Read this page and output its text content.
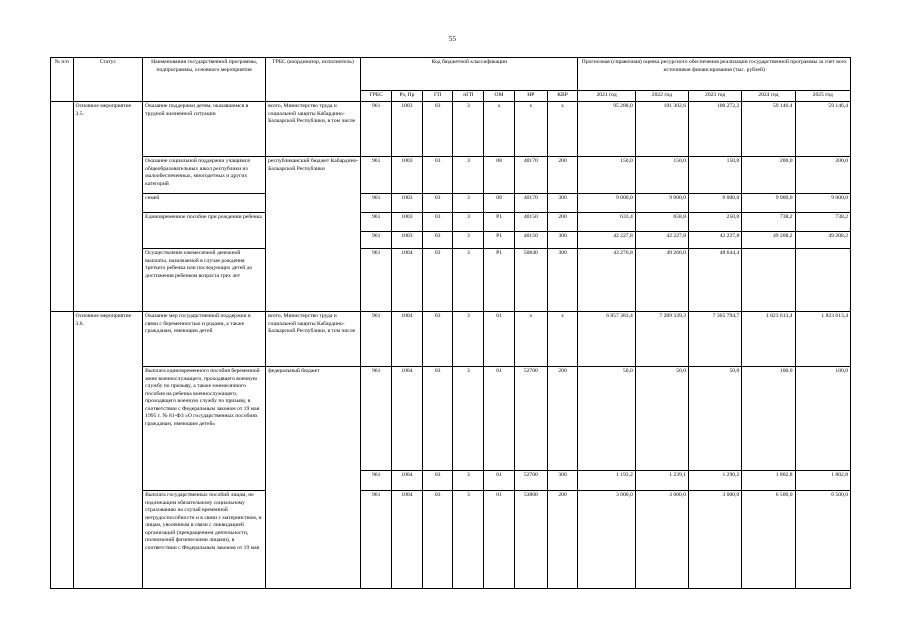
55
№ п/п	Статус	Наименования государственной программы, подпрограммы, основного мероприятия	ГРБС (координатор, исполнитель)	Код бюджетной классификации							Прогнозная (справочная) оценка ресурсного обеспечения реализации государственной программы за счет всех источников финансирования (тыс. рублей)				
				ГРБС	Рз, Пр	ГП	пГП	ОМ	НР	КВР	2021 год	2022 год	2023 год	2024 год	2025 год
	Основное мероприятие 3.5.	Оказание поддержки детям, оказавшимся в трудной жизненной ситуации	всего, Министерство труда и социальной защиты Кабардино-Балкарской Республики, в том числе	961	1003	03	3	х	х	х	95 288,0	101 302,6	100 272,2	59 146,4	59 146,4
		Оказание социальной поддержки учащимся общеобразовательных школ республики из малообеспеченных, многодетных и других категорий	республиканский бюджет Кабардино-Балкарской Республики	961	1003	03	3	08	40170	200	150,0	150,0	150,0	200,0	200,0
		семей		961	1003	03	3	08	40170	300	9 000,0	9 000,0	9 000,0	9 000,0	9 000,0
		Единовременное пособие при рождении ребенка		961	1003	03	3	Р1	40150	200	633,4	658,8	250,0	738,2	738,2
				961	1003	03	3	Р1	40150	300	42 227,8	42 227,8	42 227,8	49 208,2	49 208,2
		Осуществление ежемесячной денежной выплаты, назначаемой в случае рождения третьего ребенка или последующих детей до достижения ребенком возраста трех лет		961	1004	03	3	Р1	50840	300	43 276,8	49 266,0	48 644,4		
	Основное мероприятие 3.6.	Оказание мер государственной поддержки в связи с беременностью и родами, а также гражданам, имеющим детей	всего, Министерство труда и социальной защиты Кабардино-Балкарской Республики, в том числе	961	1004	03	3	01	х	х	6 857 383,4	7 289 339,3	7 365 794,7	1 823 613,4	1 823 613,4
		Выплата единовременного пособия беременной жене военнослужащего, проходящего военную службу по призыву, а также ежемесячного пособия на ребенка военнослужащего, проходящего военную службу по призыву, в соответствии с Федеральным законом от 19 мая 1995 г. № 81-ФЗ «О государственных пособиях гражданам, имеющим детей»	федеральный бюджет	961	1004	03	3	01	52700	200	50,0	50,0	50,0	100,0	100,0
				961	1004	03	3	01	52700	300	1 193,2	1 239,1	1 290,2	1 802,8	1 802,8
		Выплата государственных пособий лицам, не подлежащим обязательному социальному страхованию на случай временной нетрудоспособности и в связи с материнством, и лицам, уволенным в связи с ликвидацией организаций (прекращением деятельности, полномочий физическими лицами), в соответствии с Федеральным законом от 19 мая		961	1004	03	3	01	53800	200	3 000,0	3 000,0	3 000,0	6 500,0	6 500,0
